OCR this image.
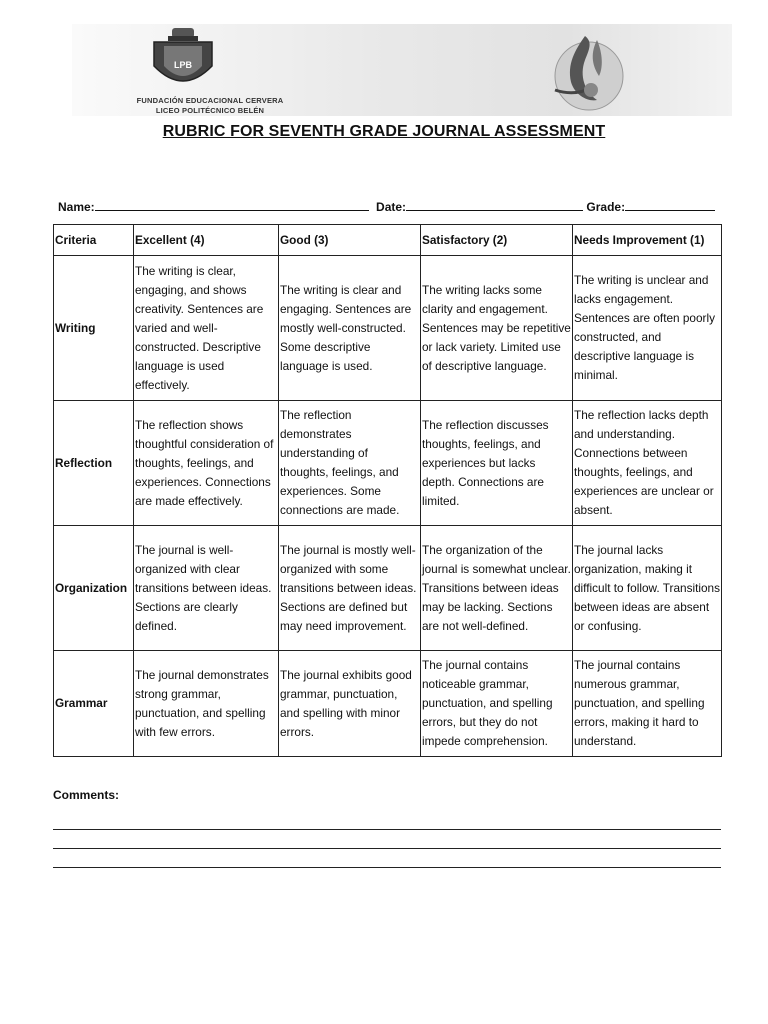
LPB
FUNDACIÓN EDUCACIONAL CERVERA
LICEO POLITÉCNICO BELÉN
RUBRIC FOR SEVENTH GRADE JOURNAL ASSESSMENT
Name:	Date:	Grade:
Criteria	Excellent (4)	Good (3)	Satisfactory (2)	Needs Improvement (1)
Writing	The writing is clear, engaging, and shows creativity. Sentences are varied and well-constructed. Descriptive language is used effectively.	The writing is clear and engaging. Sentences are mostly well-constructed. Some descriptive language is used.	The writing lacks some clarity and engagement. Sentences may be repetitive or lack variety. Limited use of descriptive language.	The writing is unclear and lacks engagement. Sentences are often poorly constructed, and descriptive language is minimal.
Reflection	The reflection shows thoughtful consideration of thoughts, feelings, and experiences. Connections are made effectively.	The reflection demonstrates understanding of thoughts, feelings, and experiences. Some connections are made.	The reflection discusses thoughts, feelings, and experiences but lacks depth. Connections are limited.	The reflection lacks depth and understanding. Connections between thoughts, feelings, and experiences are unclear or absent.
Organization	The journal is well-organized with clear transitions between ideas. Sections are clearly defined.	The journal is mostly well-organized with some transitions between ideas. Sections are defined but may need improvement.	The organization of the journal is somewhat unclear. Transitions between ideas may be lacking. Sections are not well-defined.	The journal lacks organization, making it difficult to follow. Transitions between ideas are absent or confusing.
Grammar	The journal demonstrates strong grammar, punctuation, and spelling with few errors.	The journal exhibits good grammar, punctuation, and spelling with minor errors.	The journal contains noticeable grammar, punctuation, and spelling errors, but they do not impede comprehension.	The journal contains numerous grammar, punctuation, and spelling errors, making it hard to understand.
Comments:
